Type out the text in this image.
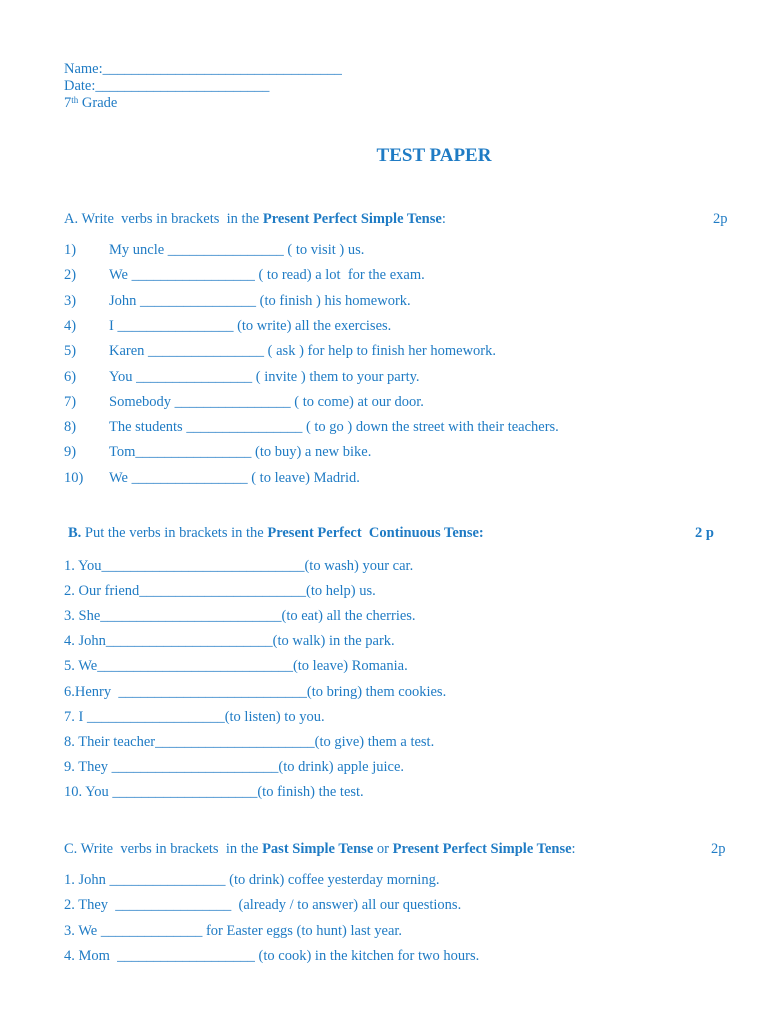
Name:_________________________________
Date:________________________
7th Grade
TEST PAPER
A. Write  verbs in brackets  in the Present Perfect Simple Tense:	2p
1) My uncle ________________ ( to visit ) us.
2) We _________________ ( to read) a lot  for the exam.
3) John ________________ (to finish ) his homework.
4) I ________________ (to write) all the exercises.
5) Karen ________________ ( ask ) for help to finish her homework.
6) You ________________ ( invite ) them to your party.
7) Somebody ________________ ( to come) at our door.
8) The students ________________ ( to go ) down the street with their teachers.
9) Tom________________ (to buy) a new bike.
10) We ________________ ( to leave) Madrid.
B. Put the verbs in brackets in the Present Perfect  Continuous Tense:	2 p
1. You____________________________(to wash) your car.
2. Our friend_______________________(to help) us.
3. She_________________________(to eat) all the cherries.
4. John_______________________(to walk) in the park.
5. We___________________________(to leave) Romania.
6.Henry  __________________________(to bring) them cookies.
7. I ___________________(to listen) to you.
8. Their teacher______________________(to give) them a test.
9. They _______________________(to drink) apple juice.
10. You ____________________(to finish) the test.
C. Write  verbs in brackets  in the Past Simple Tense or Present Perfect Simple Tense:	2p
1. John ________________ (to drink) coffee yesterday morning.
2. They  ________________  (already / to answer) all our questions.
3. We ______________ for Easter eggs (to hunt) last year.
4. Mom  ___________________ (to cook) in the kitchen for two hours.
